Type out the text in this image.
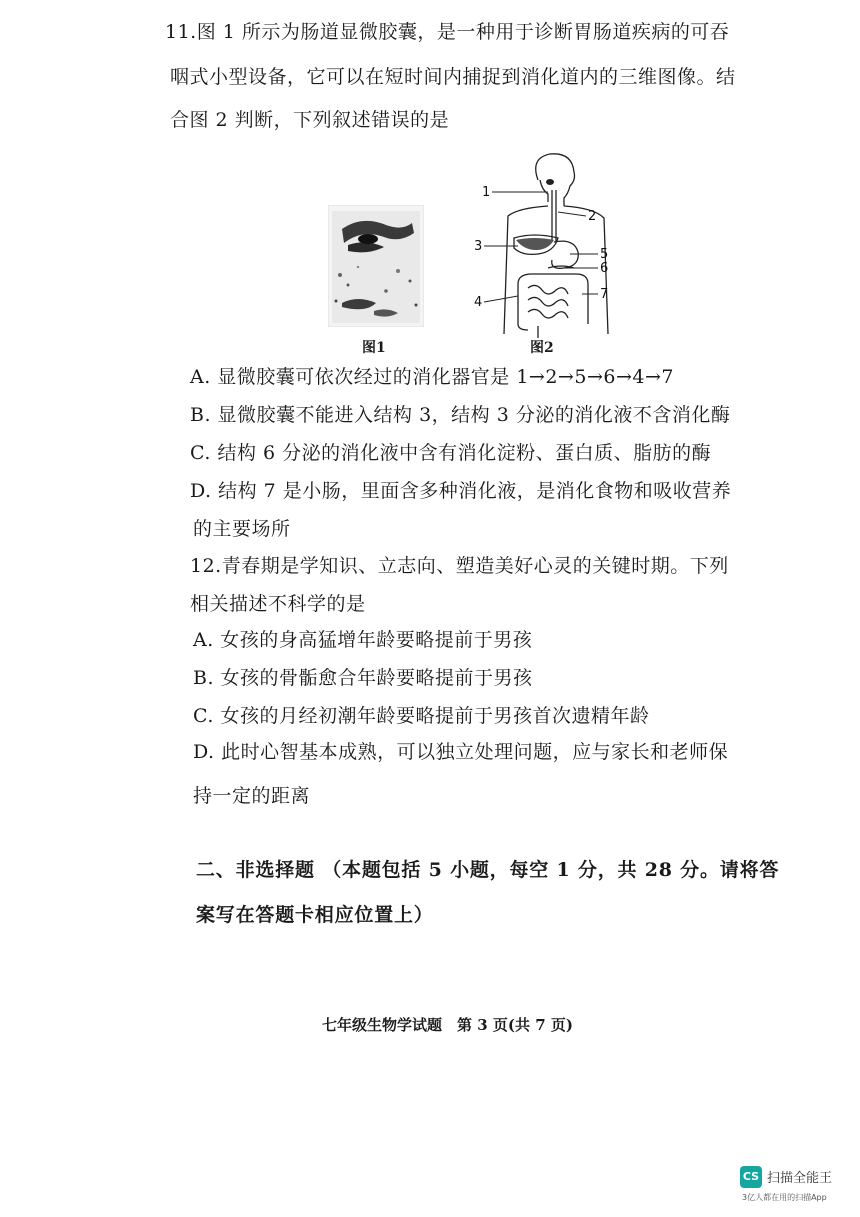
11.图 1 所示为肠道显微胶囊，是一种用于诊断胃肠道疾病的可吞
咽式小型设备，它可以在短时间内捕捉到消化道内的三维图像。结
合图 2 判断，下列叙述错误的是
图1
1
2
3
4
5
6
7
图2
A. 显微胶囊可依次经过的消化器官是 1→2→5→6→4→7
B. 显微胶囊不能进入结构 3，结构 3 分泌的消化液不含消化酶
C. 结构 6 分泌的消化液中含有消化淀粉、蛋白质、脂肪的酶
D. 结构 7 是小肠，里面含多种消化液，是消化食物和吸收营养
的主要场所
12.青春期是学知识、立志向、塑造美好心灵的关键时期。下列
相关描述不科学的是
A. 女孩的身高猛增年龄要略提前于男孩
B. 女孩的骨骺愈合年龄要略提前于男孩
C. 女孩的月经初潮年龄要略提前于男孩首次遗精年龄
D. 此时心智基本成熟，可以独立处理问题，应与家长和老师保
持一定的距离
二、非选择题 （本题包括 5 小题，每空 1 分，共 28 分。请将答
案写在答题卡相应位置上）
七年级生物学试题　第 3 页(共 7 页)
CS 扫描全能王
3亿人都在用的扫描App
